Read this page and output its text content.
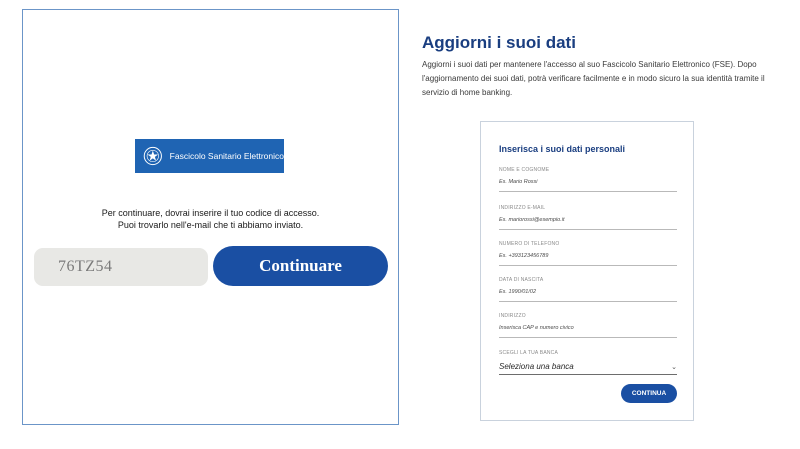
Fascicolo Sanitario Elettronico
Per continuare, dovrai inserire il tuo codice di accesso.
Puoi trovarlo nell'e-mail che ti abbiamo inviato.
76TZ54	Continuare
Aggiorni i suoi dati
Aggiorni i suoi dati per mantenere l'accesso al suo Fascicolo Sanitario Elettronico (FSE). Dopo l'aggiornamento dei suoi dati, potrà verificare facilmente e in modo sicuro la sua identità tramite il servizio di home banking.
Inserisca i suoi dati personali
NOME E COGNOME
Es. Mario Rossi
INDIRIZZO E-MAIL
Es. mariorossi@esempio.it
NUMERO DI TELEFONO
Es. +393123456789
DATA DI NASCITA
Es. 1990/01/02
INDIRIZZO
Inserisca CAP e numero civico
SCEGLI LA TUA BANCA
Seleziona una banca	⌄
CONTINUA
